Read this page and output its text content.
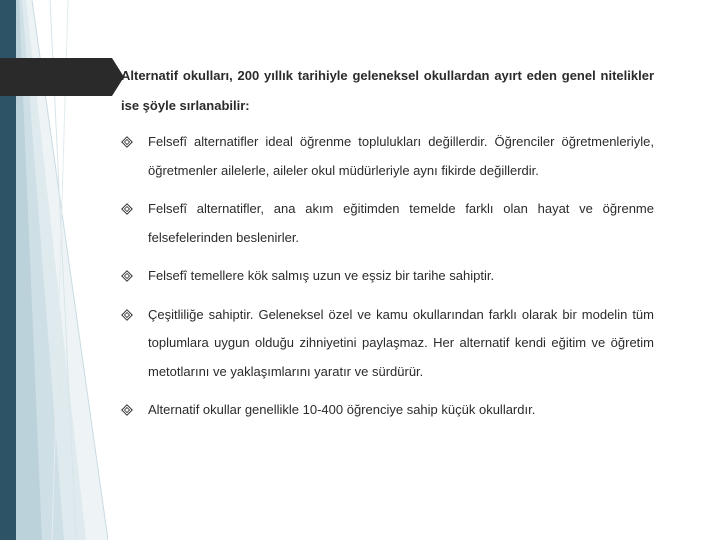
Alternatif okulları, 200 yıllık tarihiyle geleneksel okullardan ayırt eden genel nitelikler ise şöyle sırlanabilir:

Felsefî alternatifler ideal öğrenme toplulukları değillerdir. Öğrenciler öğretmenleriyle, öğretmenler ailelerle, aileler okul müdürleriyle aynı fikirde değillerdir.
Felsefî alternatifler, ana akım eğitimden temelde farklı olan hayat ve öğrenme felsefelerinden beslenirler.
Felsefî temellere kök salmış uzun ve eşsiz bir tarihe sahiptir.
Çeşitliliğe sahiptir. Geleneksel özel ve kamu okullarından farklı olarak bir modelin tüm toplumlara uygun olduğu zihniyetini paylaşmaz. Her alternatif kendi eğitim ve öğretim metotlarını ve yaklaşımlarını yaratır ve sürdürür.
Alternatif okullar genellikle 10-400 öğrenciye sahip küçük okullardır.
